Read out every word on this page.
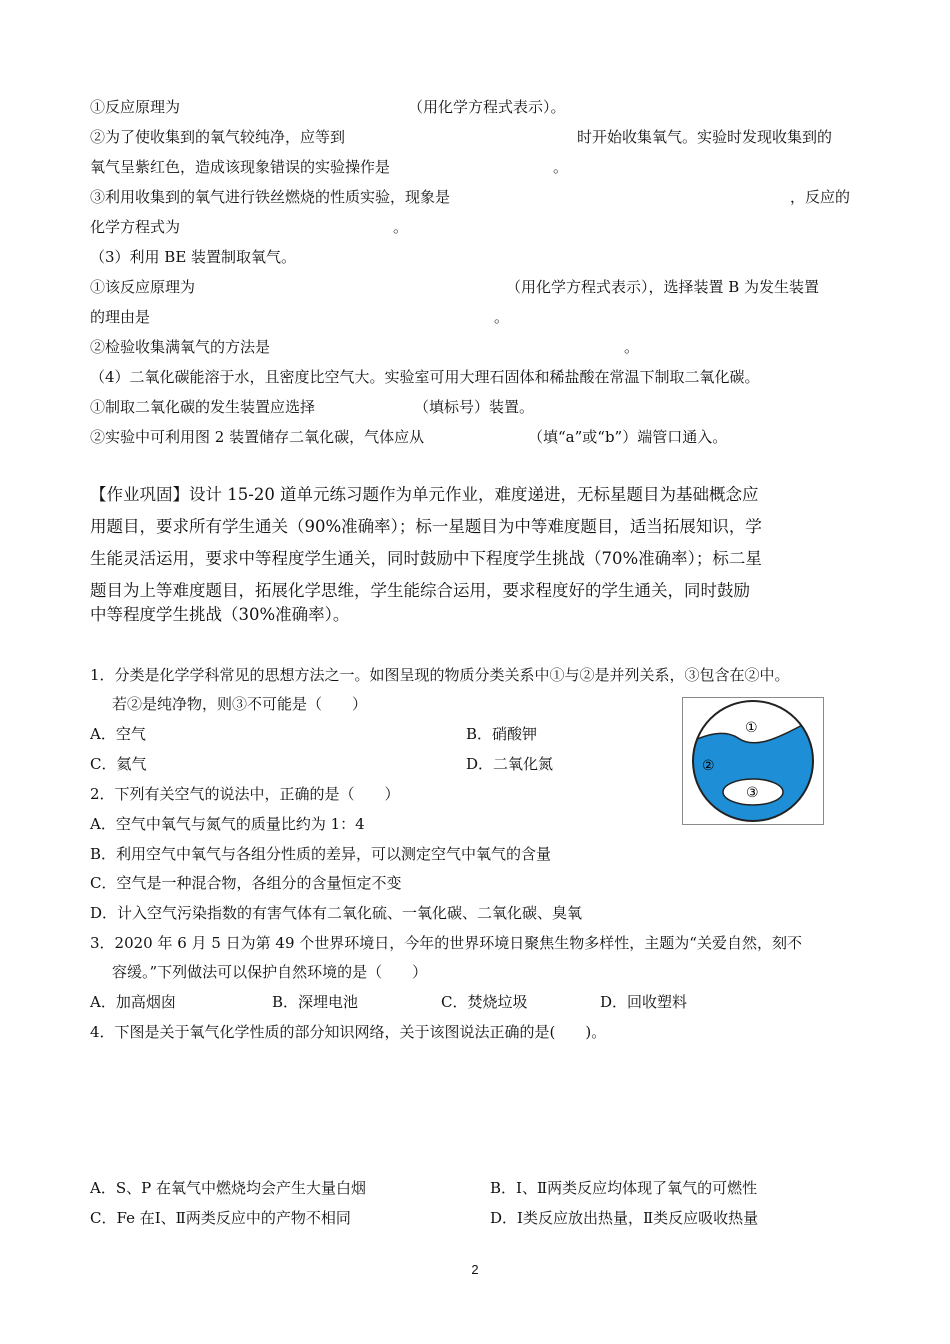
①反应原理为	（用化学方程式表示）。
②为了使收集到的氧气较纯净，应等到	时开始收集氧气。实验时发现收集到的
氧气呈紫红色，造成该现象错误的实验操作是	。
③利用收集到的氧气进行铁丝燃烧的性质实验，现象是	，反应的
化学方程式为	。
（3）利用 BE 装置制取氧气。
①该反应原理为	（用化学方程式表示），选择装置 B 为发生装置
的理由是	。
②检验收集满氧气的方法是	。
（4）二氧化碳能溶于水，且密度比空气大。实验室可用大理石固体和稀盐酸在常温下制取二氧化碳。
①制取二氧化碳的发生装置应选择	（填标号）装置。
②实验中可利用图 2 装置储存二氧化碳，气体应从	（填“a”或“b”）端管口通入。
【作业巩固】设计 15-20 道单元练习题作为单元作业，难度递进，无标星题目为基础概念应
用题目，要求所有学生通关（90%准确率）；标一星题目为中等难度题目，适当拓展知识，学
生能灵活运用，要求中等程度学生通关，同时鼓励中下程度学生挑战（70%准确率）；标二星
题目为上等难度题目，拓展化学思维，学生能综合运用，要求程度好的学生通关，同时鼓励
中等程度学生挑战（30%准确率）。
1．分类是化学学科常见的思想方法之一。如图呈现的物质分类关系中①与②是并列关系，③包含在②中。
若②是纯净物，则③不可能是（　　）
A．空气	B．硝酸钾
C．氦气	D．二氧化氮
①
②
③
2．下列有关空气的说法中，正确的是（　　）
A．空气中氧气与氮气的质量比约为 1：4
B．利用空气中氧气与各组分性质的差异，可以测定空气中氧气的含量
C．空气是一种混合物，各组分的含量恒定不变
D．计入空气污染指数的有害气体有二氧化硫、一氧化碳、二氧化碳、臭氧
3．2020 年 6 月 5 日为第 49 个世界环境日，今年的世界环境日聚焦生物多样性，主题为“关爱自然，刻不
容缓。”下列做法可以保护自然环境的是（　　）
A．加高烟囱	B．深埋电池	C．焚烧垃圾	D．回收塑料
4．下图是关于氧气化学性质的部分知识网络，关于该图说法正确的是(　　)。
A．S、P 在氧气中燃烧均会产生大量白烟	B．Ⅰ、Ⅱ两类反应均体现了氧气的可燃性
C．Fe 在Ⅰ、Ⅱ两类反应中的产物不相同	D．Ⅰ类反应放出热量，Ⅱ类反应吸收热量
2
